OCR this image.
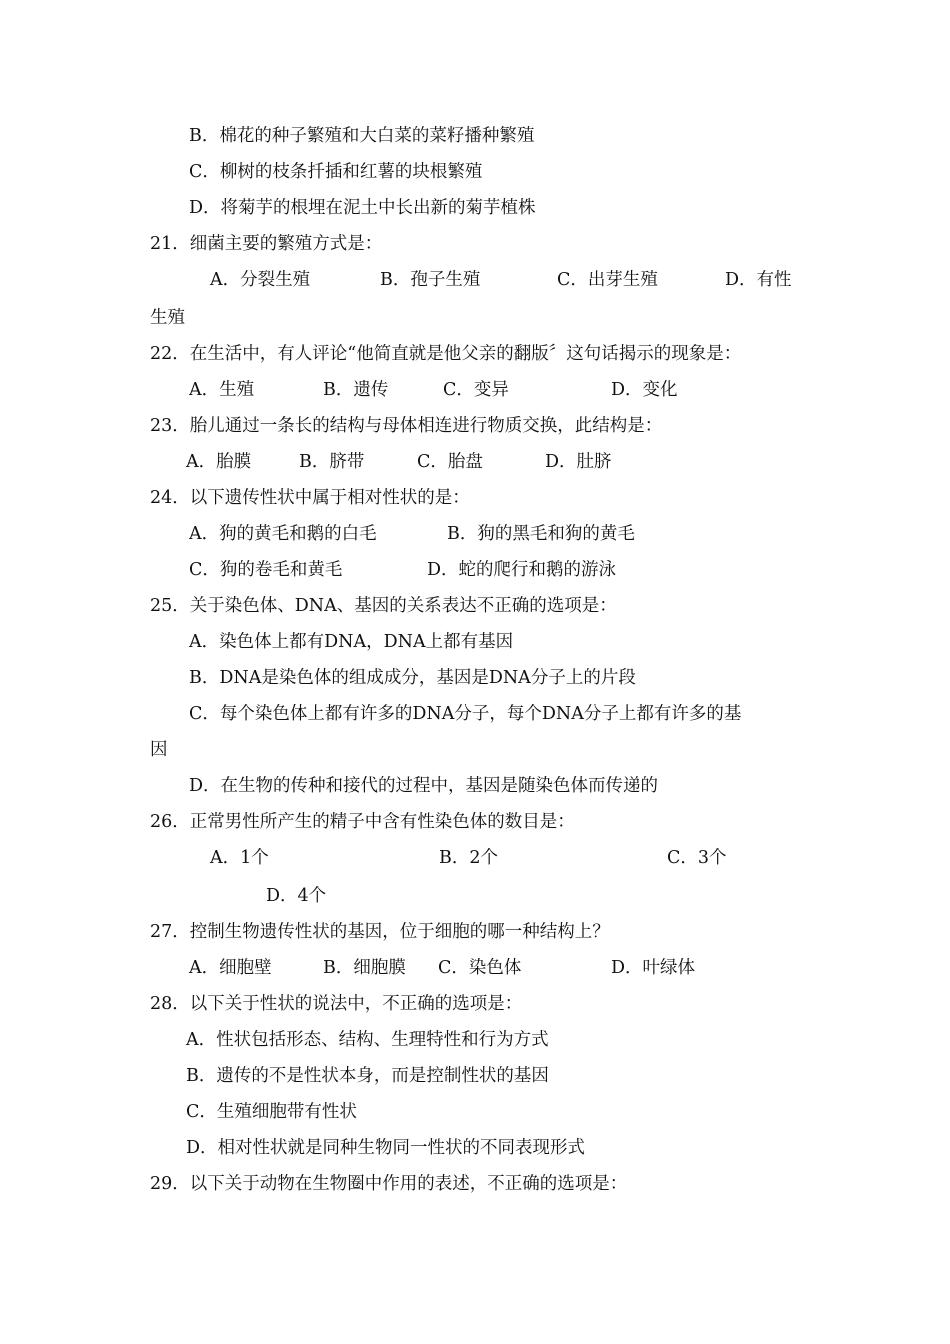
B．棉花的种子繁殖和大白菜的菜籽播种繁殖
C．柳树的枝条扦插和红薯的块根繁殖
D．将菊芋的根埋在泥土中长出新的菊芋植株
21．细菌主要的繁殖方式是：
A．分裂生殖	B．孢子生殖	C．出芽生殖	D．有性
生殖
22．在生活中，有人评论“他简直就是他父亲的翻版〞这句话揭示的现象是：
A．生殖	B．遗传	C．变异	D．变化
23．胎儿通过一条长的结构与母体相连进行物质交换，此结构是：
A．胎膜	B．脐带	C．胎盘	D．肚脐
24．以下遗传性状中属于相对性状的是：
A．狗的黄毛和鹅的白毛	B．狗的黑毛和狗的黄毛
C．狗的卷毛和黄毛	D．蛇的爬行和鹅的游泳
25．关于染色体、DNA、基因的关系表达不正确的选项是：
A．染色体上都有DNA，DNA上都有基因
B．DNA是染色体的组成成分，基因是DNA分子上的片段
C．每个染色体上都有许多的DNA分子，每个DNA分子上都有许多的基
因
D．在生物的传种和接代的过程中，基因是随染色体而传递的
26．正常男性所产生的精子中含有性染色体的数目是：
A．1个	B．2个	C．3个
D．4个
27．控制生物遗传性状的基因，位于细胞的哪一种结构上？
A．细胞壁	B．细胞膜 C．染色体	D．叶绿体
28．以下关于性状的说法中，不正确的选项是：
A．性状包括形态、结构、生理特性和行为方式
B．遗传的不是性状本身，而是控制性状的基因
C．生殖细胞带有性状
D．相对性状就是同种生物同一性状的不同表现形式
29．以下关于动物在生物圈中作用的表述，不正确的选项是：
